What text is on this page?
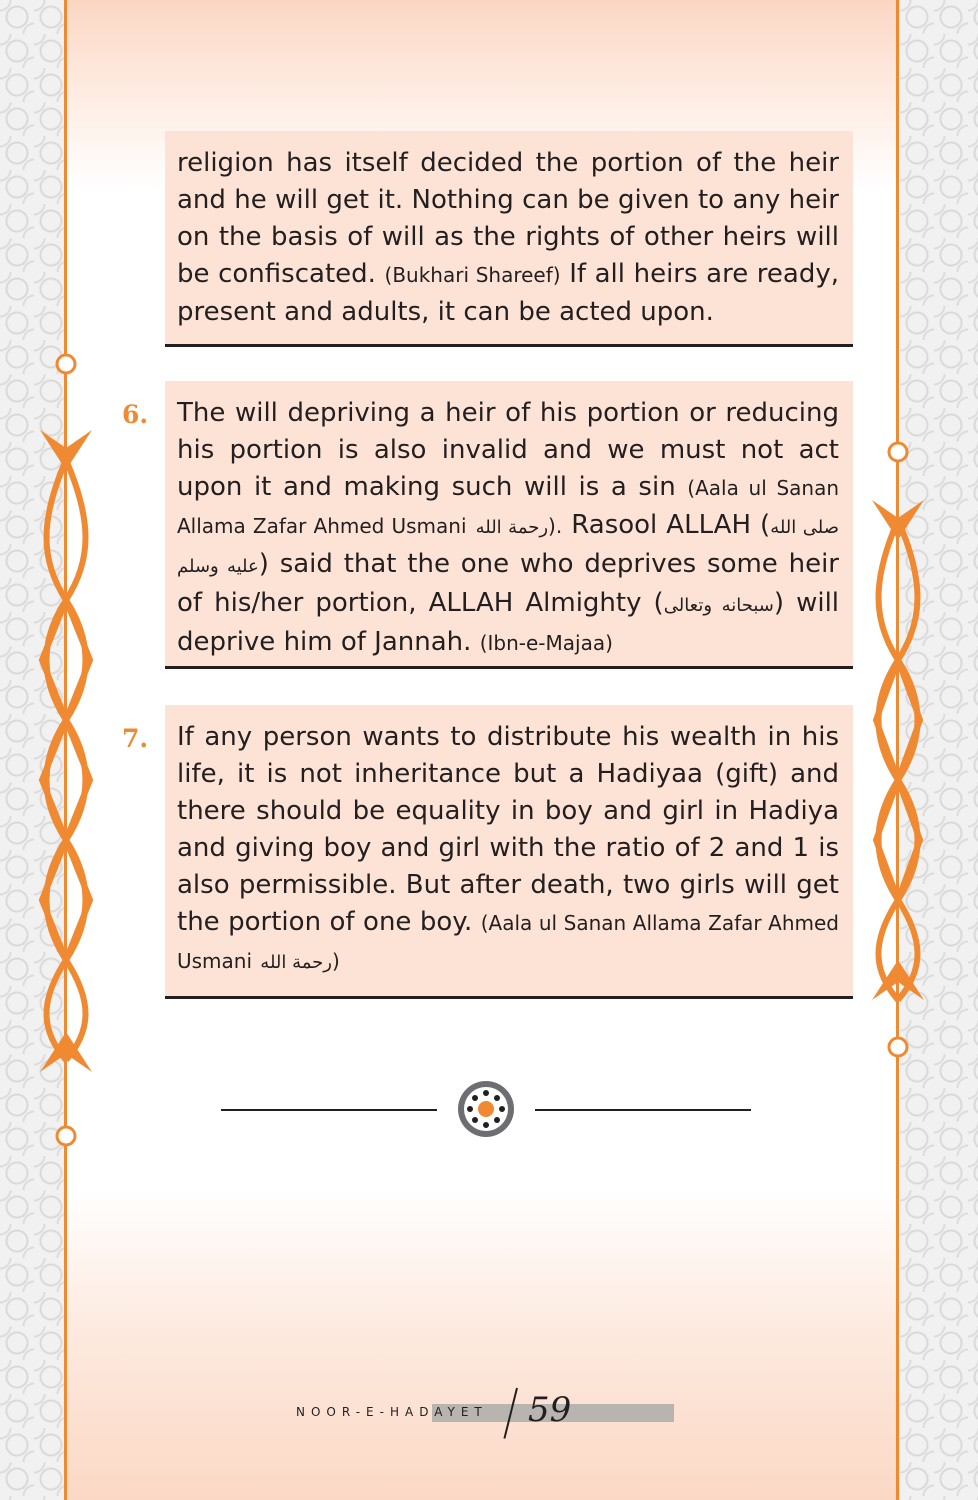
religion has itself decided the portion of the heir and he will get it. Nothing can be given to any heir on the basis of will as the rights of other heirs will be confiscated. (Bukhari Shareef) If all heirs are ready, present and adults, it can be acted upon.

6. The will depriving a heir of his portion or reducing his portion is also invalid and we must not act upon it and making such will is a sin (Aala ul Sanan Allama Zafar Ahmed Usmani رحمة الله). Rasool ALLAH (صلى الله عليه وسلم) said that the one who deprives some heir of his/her portion, ALLAH Almighty (سبحانه وتعالى) will deprive him of Jannah. (Ibn-e-Majaa)

7. If any person wants to distribute his wealth in his life, it is not inheritance but a Hadiyaa (gift) and there should be equality in boy and girl in Hadiya and giving boy and girl with the ratio of 2 and 1 is also permissible. But after death, two girls will get the portion of one boy. (Aala ul Sanan Allama Zafar Ahmed Usmani رحمة الله)

NOOR-E-HADAYET 59
